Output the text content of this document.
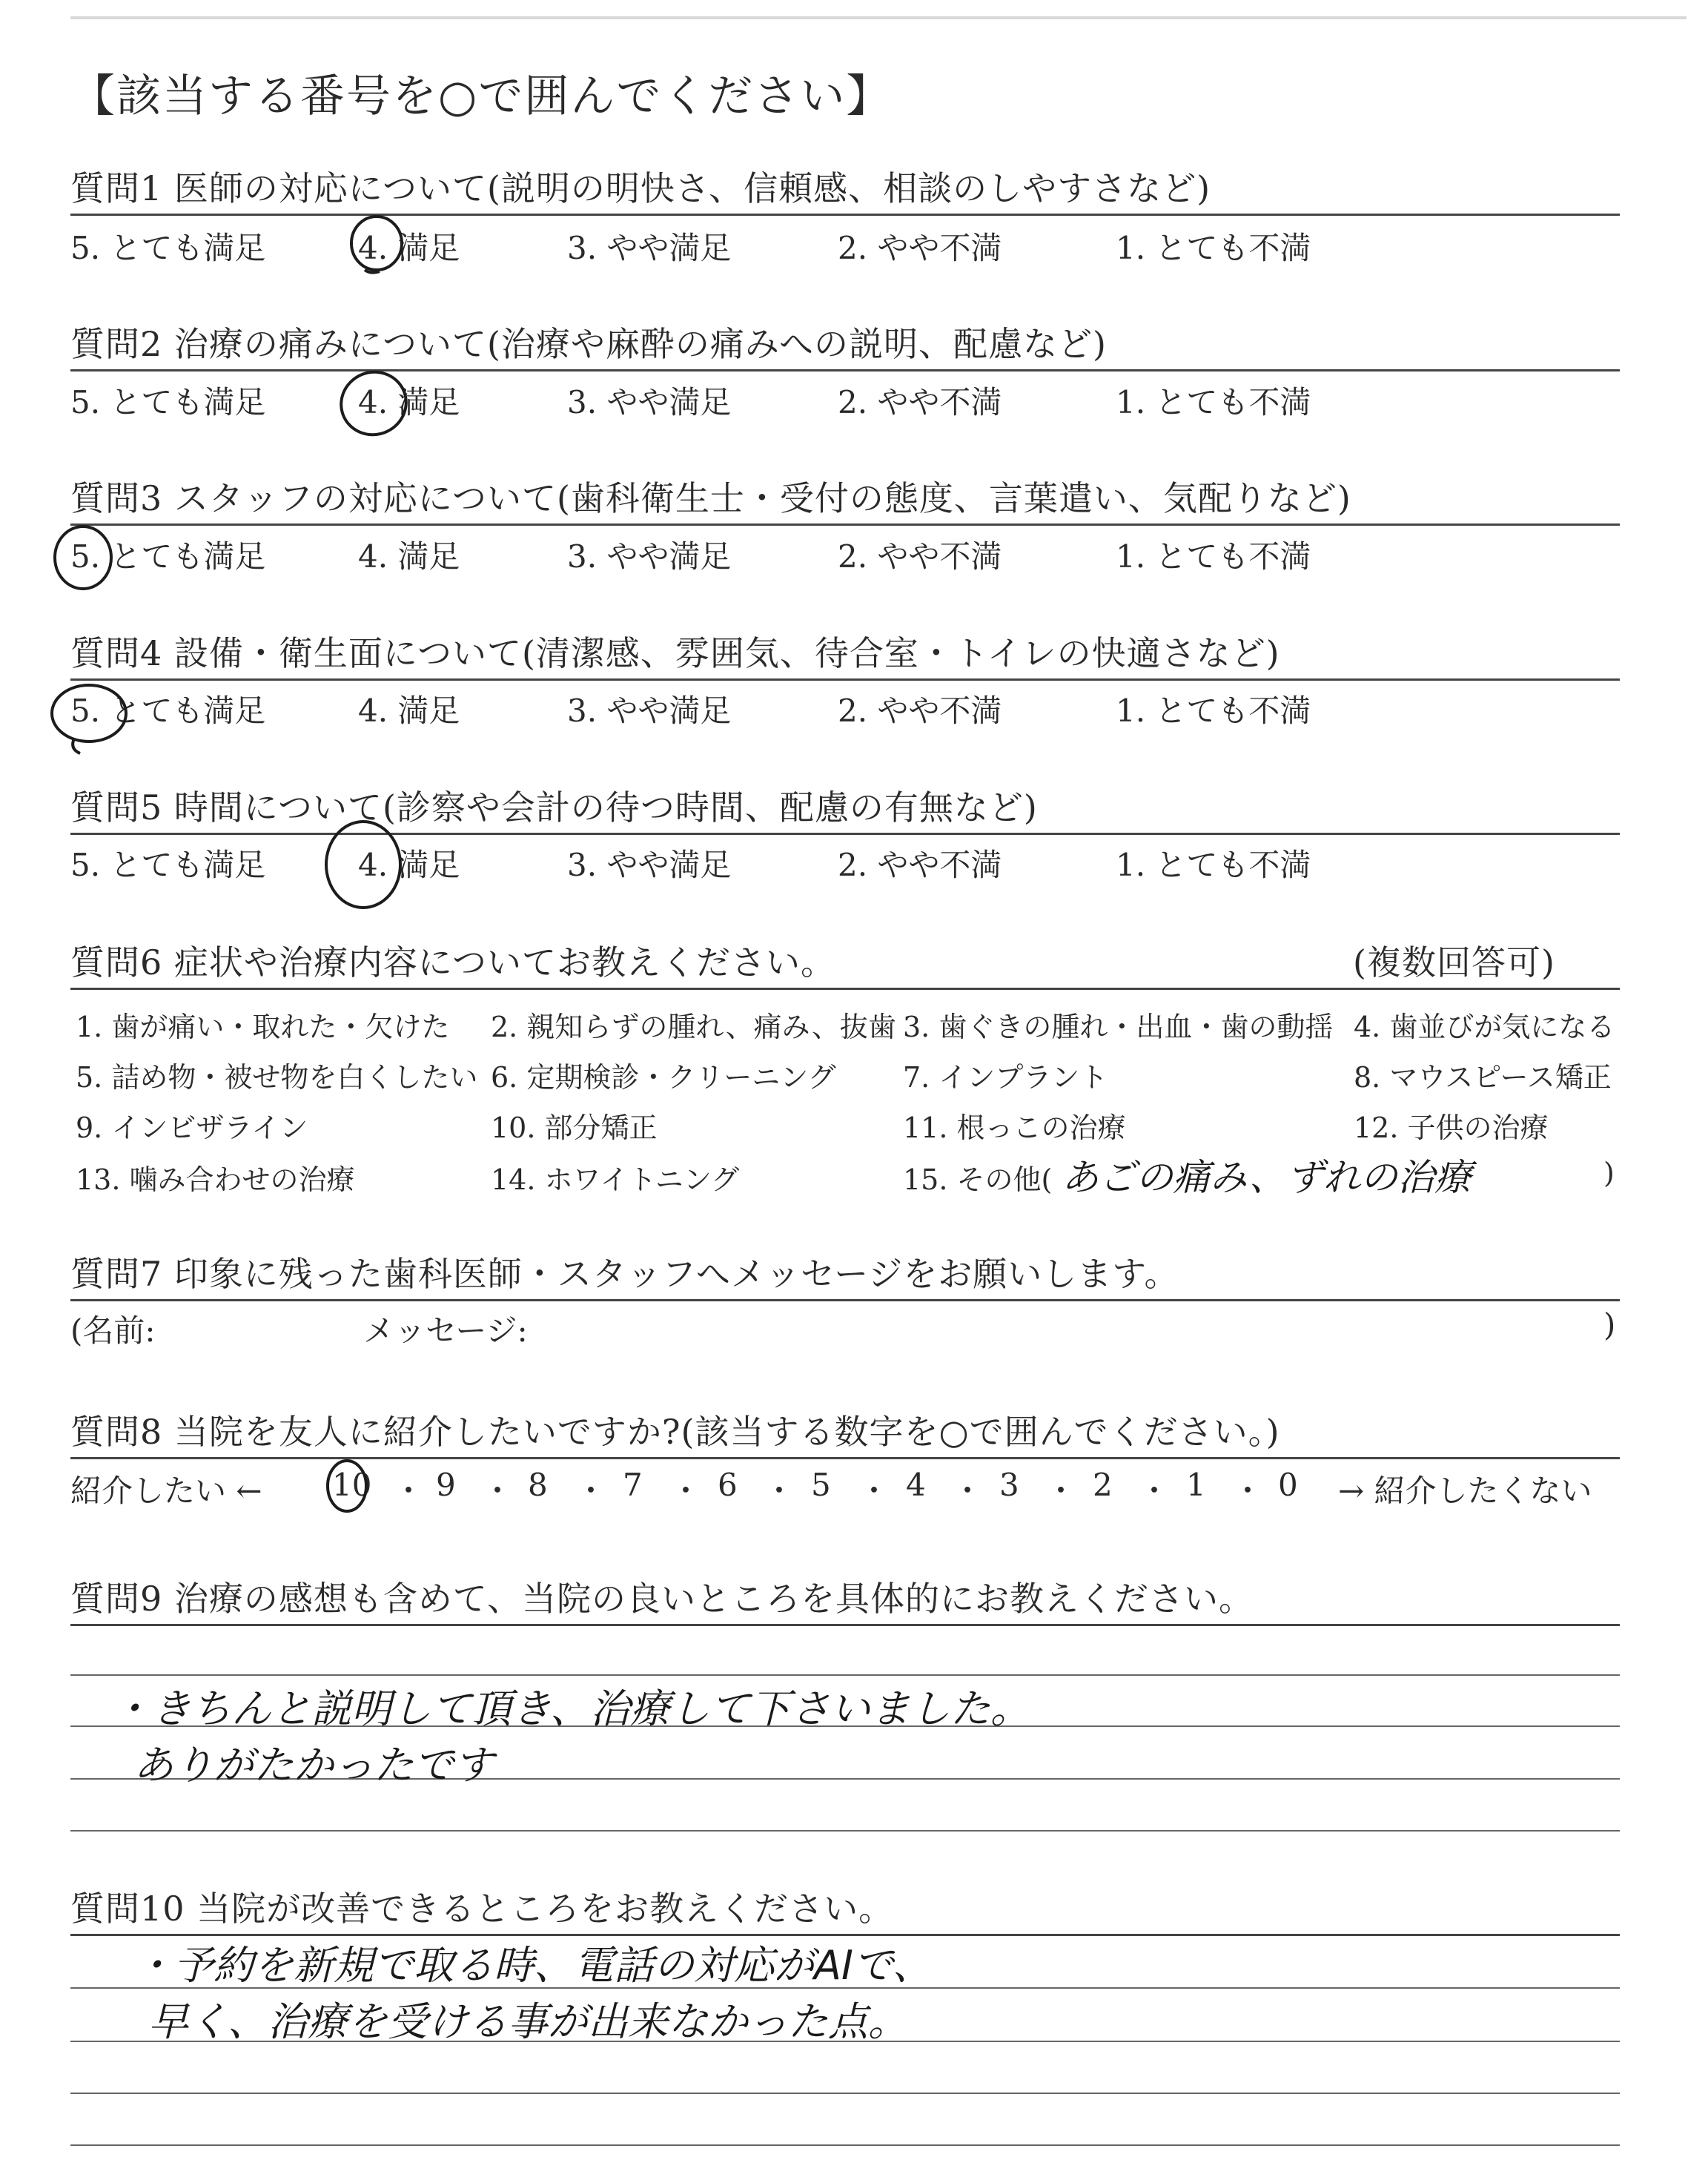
【該当する番号を○で囲んでください】
質問1 医師の対応について(説明の明快さ、信頼感、相談のしやすさなど)
5. とても満足	4. 満足	3. やや満足	2. やや不満	1. とても不満
質問2 治療の痛みについて(治療や麻酔の痛みへの説明、配慮など)
5. とても満足	4. 満足	3. やや満足	2. やや不満	1. とても不満
質問3 スタッフの対応について(歯科衛生士・受付の態度、言葉遣い、気配りなど)
5. とても満足	4. 満足	3. やや満足	2. やや不満	1. とても不満
質問4 設備・衛生面について(清潔感、雰囲気、待合室・トイレの快適さなど)
5. とても満足	4. 満足	3. やや満足	2. やや不満	1. とても不満
質問5 時間について(診察や会計の待つ時間、配慮の有無など)
5. とても満足	4. 満足	3. やや満足	2. やや不満	1. とても不満
質問6 症状や治療内容についてお教えください。	(複数回答可)
1. 歯が痛い・取れた・欠けた 2. 親知らずの腫れ、痛み、抜歯 3. 歯ぐきの腫れ・出血・歯の動揺 4. 歯並びが気になる
5. 詰め物・被せ物を白くしたい 6. 定期検診・クリーニング 7. インプラント	8. マウスピース矯正
9. インビザライン	10. 部分矯正	11. 根っこの治療	12. 子供の治療
13. 噛み合わせの治療	14. ホワイトニング	15. その他( あごの痛み、ずれの治療	)
質問7 印象に残った歯科医師・スタッフへメッセージをお願いします。
(名前:	メッセージ:	)
質問8 当院を友人に紹介したいですか?(該当する数字を○で囲んでください。)
紹介したい ←	→ 紹介したくない
10 ・ 9 ・ 8 ・ 7 ・ 6 ・ 5 ・ 4 ・ 3 ・ 2 ・ 1 ・ 0
質問9 治療の感想も含めて、当院の良いところを具体的にお教えください。
・きちんと説明して頂き、治療して下さいました。
ありがたかったです
質問10 当院が改善できるところをお教えください。
・予約を新規で取る時、電話の対応がAIで、
早く、治療を受ける事が出来なかった点。
